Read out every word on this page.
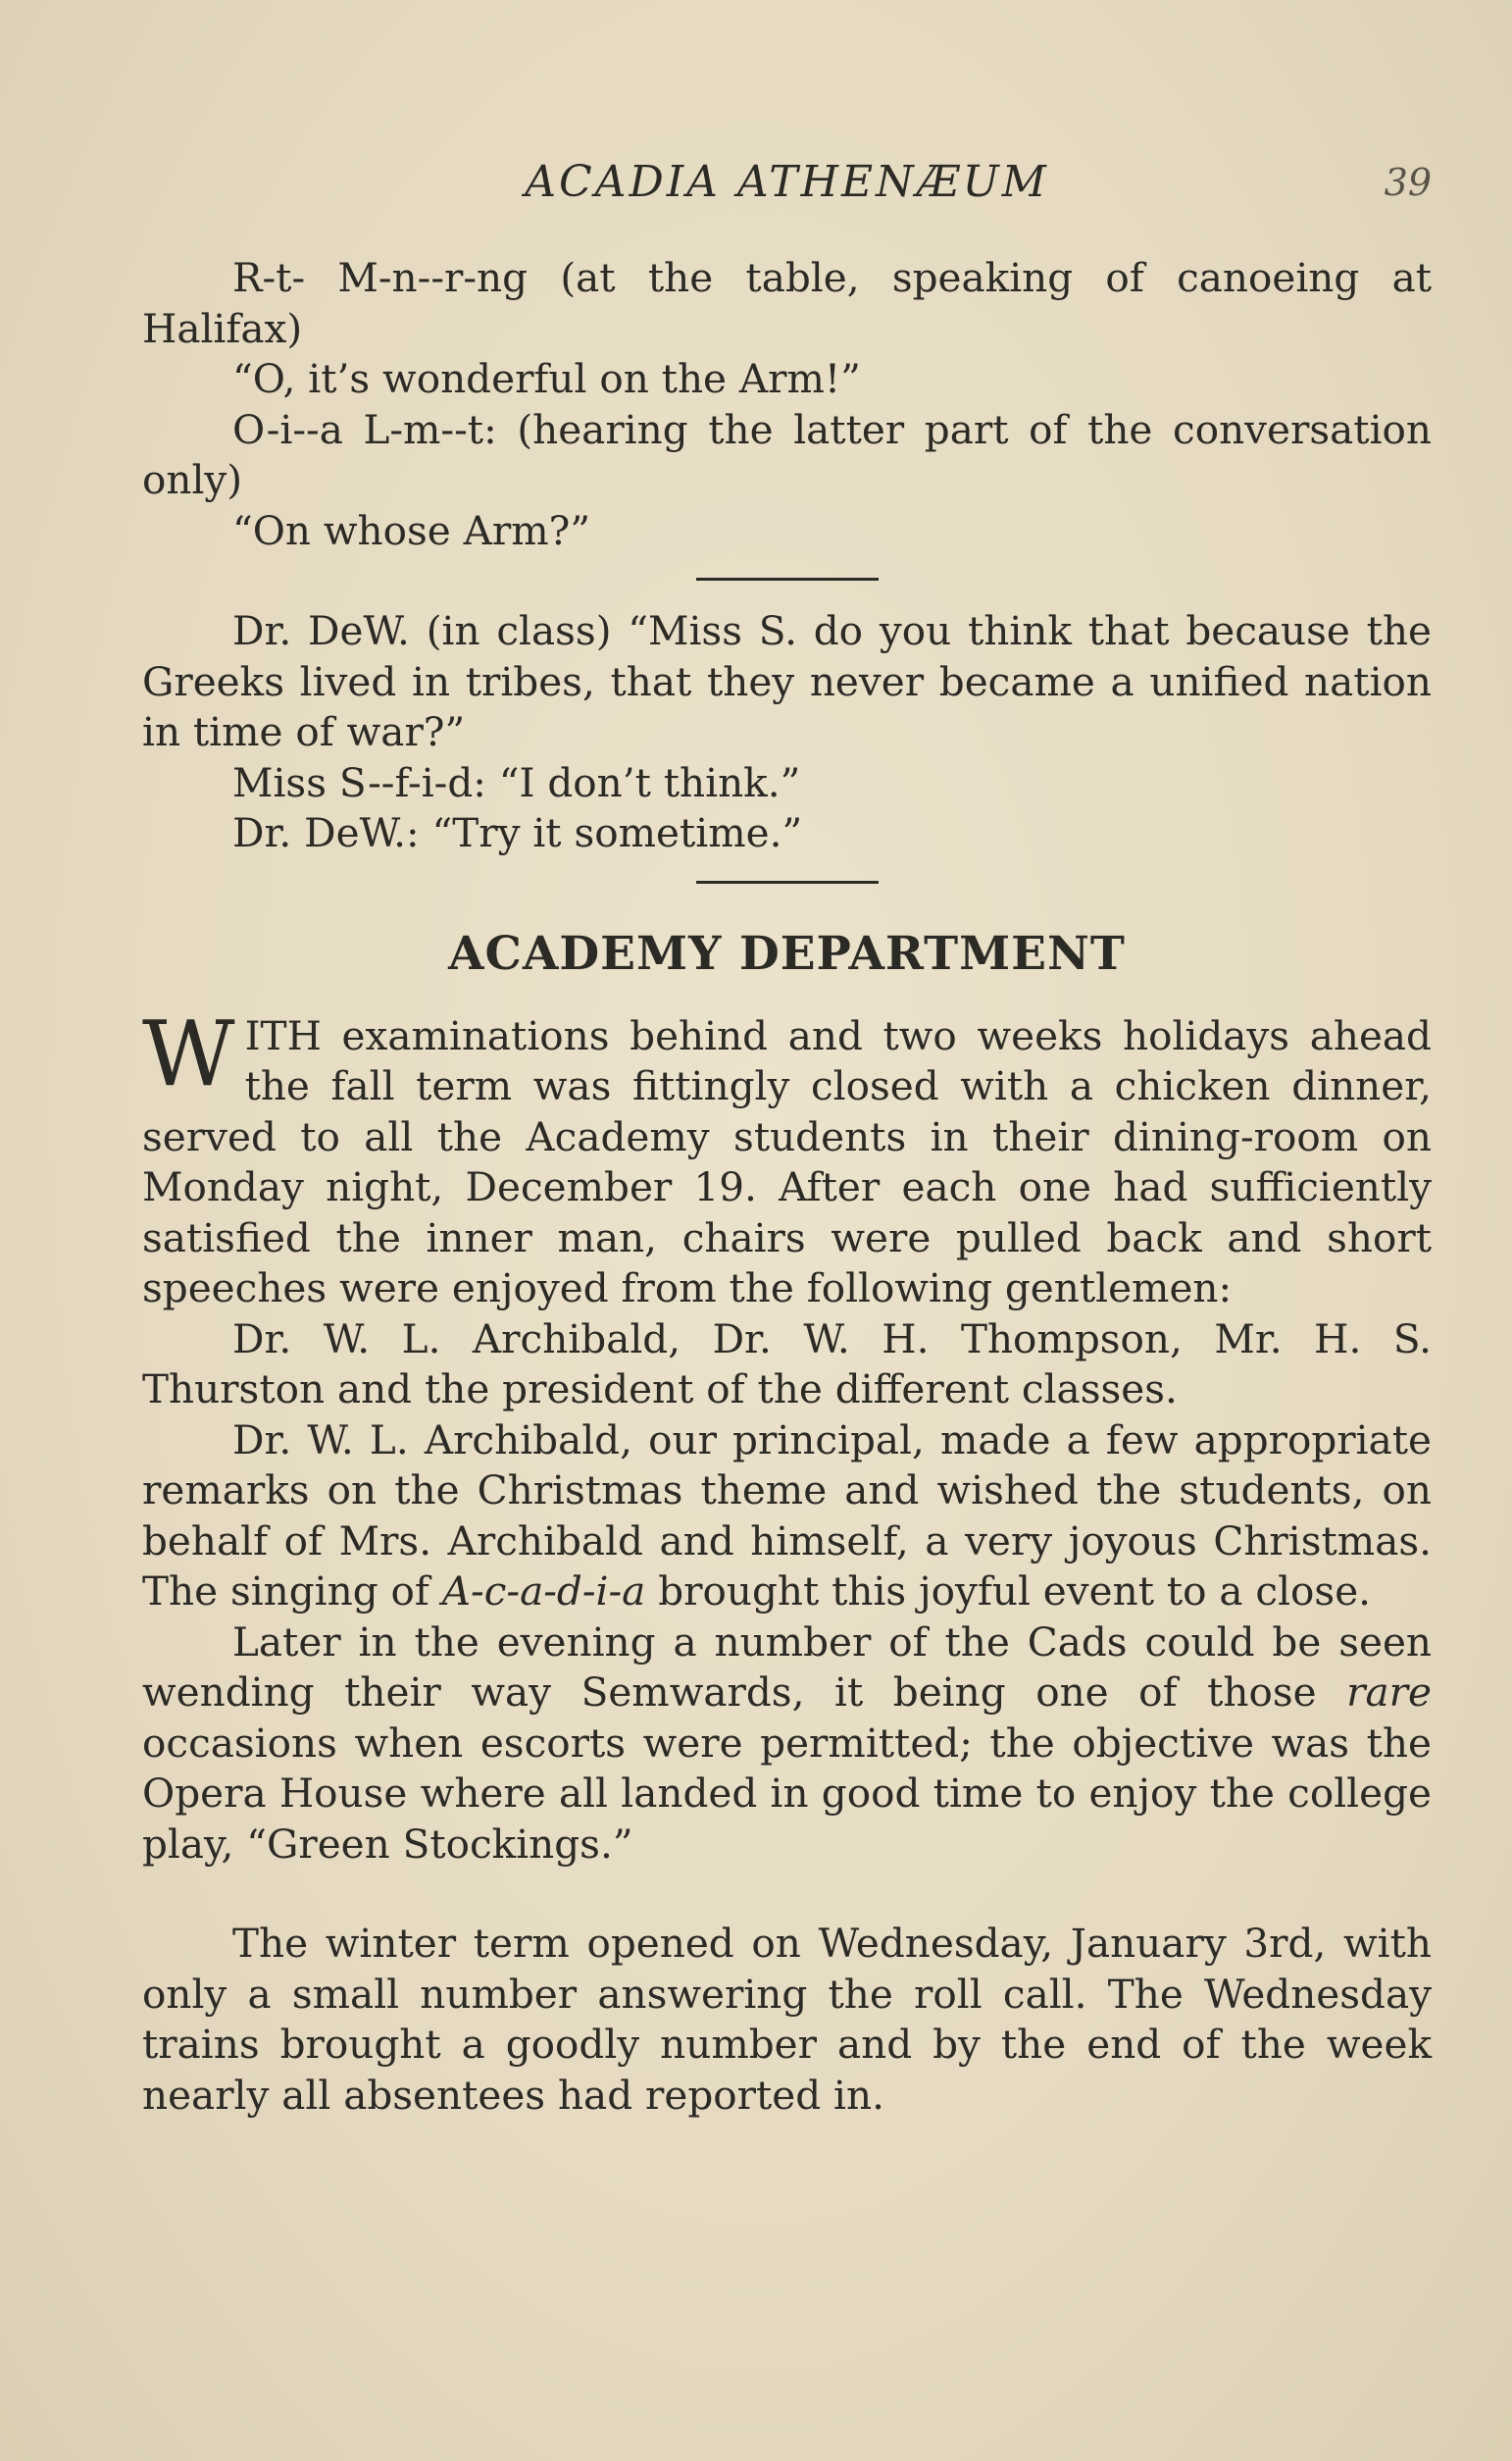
ACADIA ATHENÆUM	39

R-t- M-n--r-ng (at the table, speaking of canoeing at Halifax)

“O, it’s wonderful on the Arm!”

O-i--a L-m--t: (hearing the latter part of the conversation only)

“On whose Arm?”

Dr. DeW. (in class) “Miss S. do you think that because the Greeks lived in tribes, that they never became a unified nation in time of war?”

Miss S--f-i-d: “I don’t think.”

Dr. DeW.: “Try it sometime.”

ACADEMY DEPARTMENT

WITH examinations behind and two weeks holidays ahead the fall term was fittingly closed with a chicken dinner, served to all the Academy students in their dining-room on Monday night, December 19. After each one had sufficiently satisfied the inner man, chairs were pulled back and short speeches were enjoyed from the following gentlemen:

Dr. W. L. Archibald, Dr. W. H. Thompson, Mr. H. S. Thurston and the president of the different classes.

Dr. W. L. Archibald, our principal, made a few appropriate remarks on the Christmas theme and wished the students, on behalf of Mrs. Archibald and himself, a very joyous Christmas. The singing of A-c-a-d-i-a brought this joyful event to a close.

Later in the evening a number of the Cads could be seen wending their way Semwards, it being one of those rare occasions when escorts were permitted; the objective was the Opera House where all landed in good time to enjoy the college play, “Green Stockings.”

The winter term opened on Wednesday, January 3rd, with only a small number answering the roll call. The Wednesday trains brought a goodly number and by the end of the week nearly all absentees had reported in.
